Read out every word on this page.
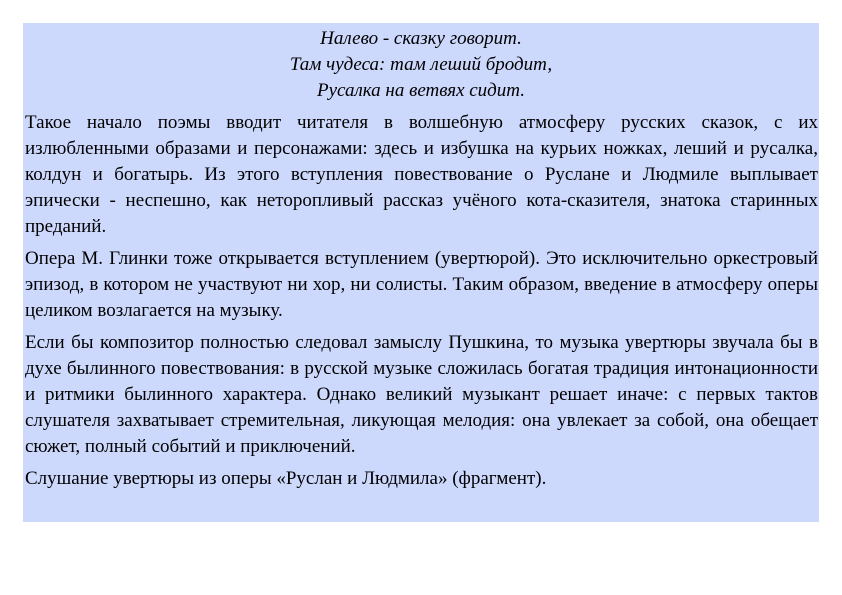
Налево - сказку говорит.
Там чудеса: там леший бродит,
Русалка на ветвях сидит.

Такое начало поэмы вводит читателя в волшебную атмосферу русских сказок, с их излюбленными образами и персонажами: здесь и избушка на курьих ножках, леший и русалка, колдун и богатырь. Из этого вступления повествование о Руслане и Людмиле выплывает эпически - неспешно, как неторопливый рассказ учёного кота-сказителя, знатока старинных преданий.

Опера М. Глинки тоже открывается вступлением (увертюрой). Это исключительно оркестровый эпизод, в котором не участвуют ни хор, ни солисты. Таким образом, введение в атмосферу оперы целиком возлагается на музыку.

Если бы композитор полностью следовал замыслу Пушкина, то музыка увертюры звучала бы в духе былинного повествования: в русской музыке сложилась богатая традиция интонационности и ритмики былинного характера. Однако великий музыкант решает иначе: с первых тактов слушателя захватывает стремительная, ликующая мелодия: она увлекает за собой, она обещает сюжет, полный событий и приключений.

Слушание увертюры из оперы «Руслан и Людмила» (фрагмент).
